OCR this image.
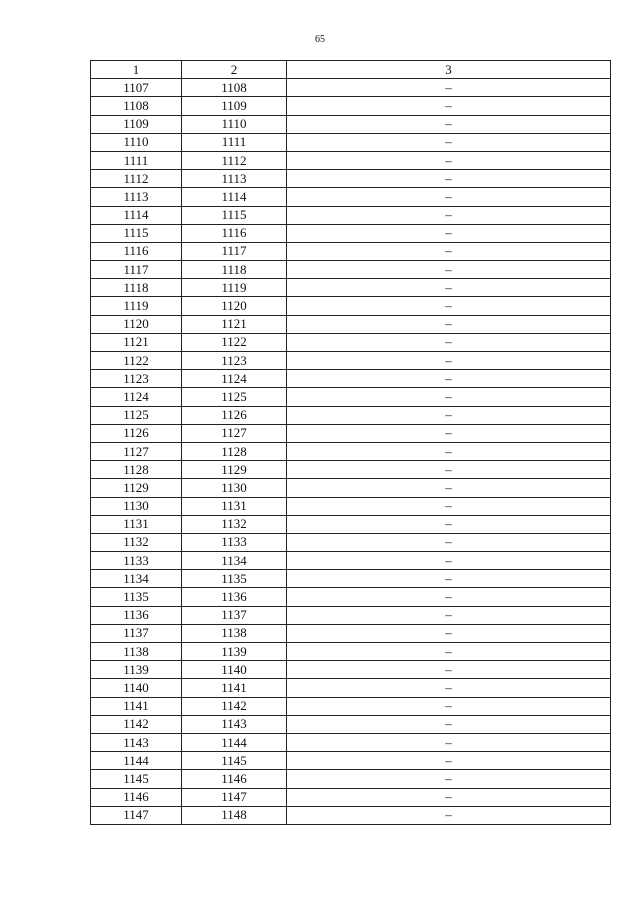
65
1	2	3
1107	1108	–
1108	1109	–
1109	1110	–
1110	1111	–
1111	1112	–
1112	1113	–
1113	1114	–
1114	1115	–
1115	1116	–
1116	1117	–
1117	1118	–
1118	1119	–
1119	1120	–
1120	1121	–
1121	1122	–
1122	1123	–
1123	1124	–
1124	1125	–
1125	1126	–
1126	1127	–
1127	1128	–
1128	1129	–
1129	1130	–
1130	1131	–
1131	1132	–
1132	1133	–
1133	1134	–
1134	1135	–
1135	1136	–
1136	1137	–
1137	1138	–
1138	1139	–
1139	1140	–
1140	1141	–
1141	1142	–
1142	1143	–
1143	1144	–
1144	1145	–
1145	1146	–
1146	1147	–
1147	1148	–
